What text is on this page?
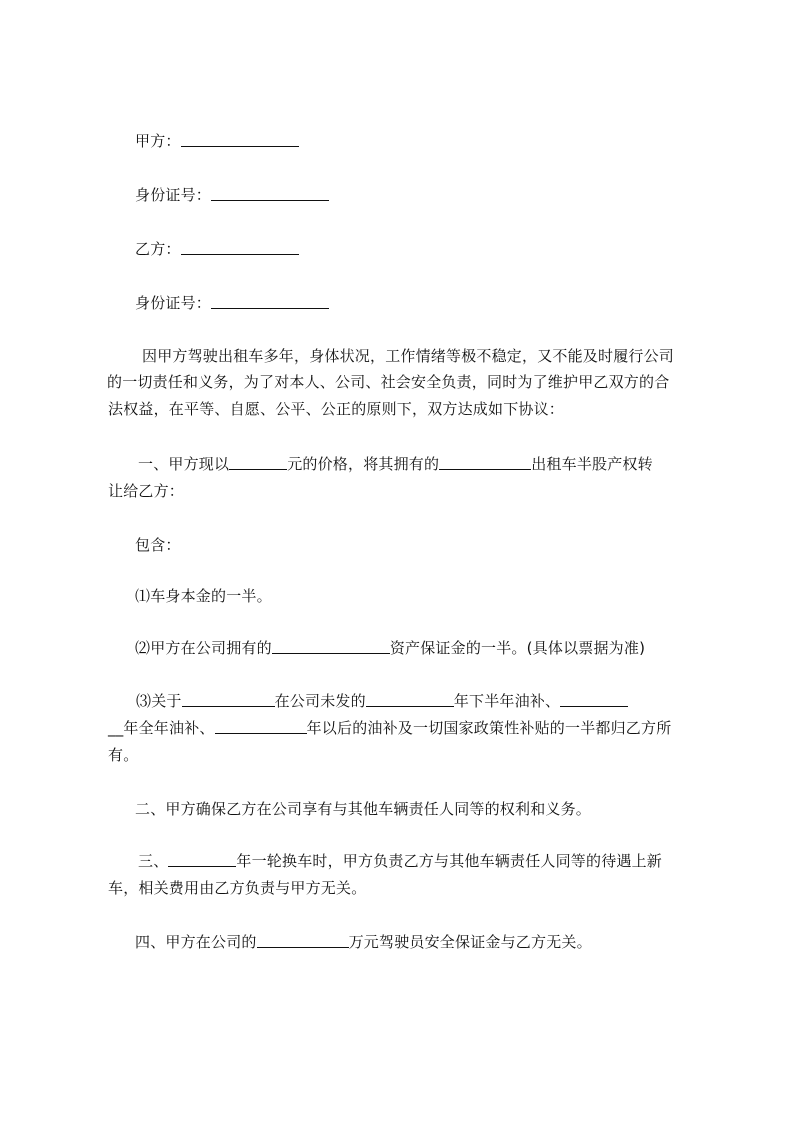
甲方：
身份证号：
乙方：
身份证号：
因甲方驾驶出租车多年，身体状况，工作情绪等极不稳定，又不能及时履行公司
的一切责任和义务，为了对本人、公司、社会安全负责，同时为了维护甲乙双方的合
法权益，在平等、自愿、公平、公正的原则下，双方达成如下协议：
一、甲方现以	元的价格，将其拥有的	出租车半股产权转
让给乙方：
包含：
⑴车身本金的一半。
⑵甲方在公司拥有的	资产保证金的一半。(具体以票据为准)
⑶关于	在公司未发的	年下半年油补、
__年全年油补、	年以后的油补及一切国家政策性补贴的一半都归乙方所
有。
二、甲方确保乙方在公司享有与其他车辆责任人同等的权利和义务。
三、	年一轮换车时，甲方负责乙方与其他车辆责任人同等的待遇上新
车，相关费用由乙方负责与甲方无关。
四、甲方在公司的	万元驾驶员安全保证金与乙方无关。
